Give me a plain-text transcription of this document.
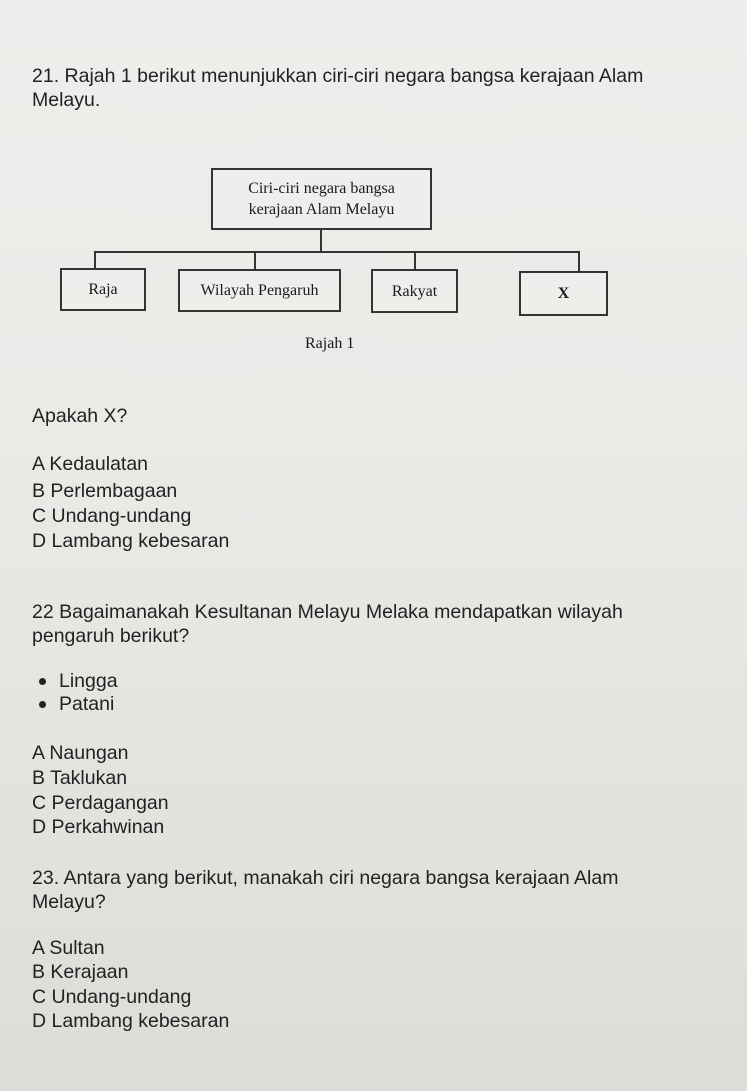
21. Rajah 1 berikut menunjukkan ciri-ciri negara bangsa kerajaan Alam
Melayu.
Ciri-ciri negara bangsa
kerajaan Alam Melayu
Raja	Wilayah Pengaruh	Rakyat	X
Rajah 1
Apakah X?
A Kedaulatan
B Perlembagaan
C Undang-undang
D Lambang kebesaran
22 Bagaimanakah Kesultanan Melayu Melaka mendapatkan wilayah
pengaruh berikut?
Lingga
Patani
A Naungan
B Taklukan
C Perdagangan
D Perkahwinan
23. Antara yang berikut, manakah ciri negara bangsa kerajaan Alam
Melayu?
A Sultan
B Kerajaan
C Undang-undang
D Lambang kebesaran
